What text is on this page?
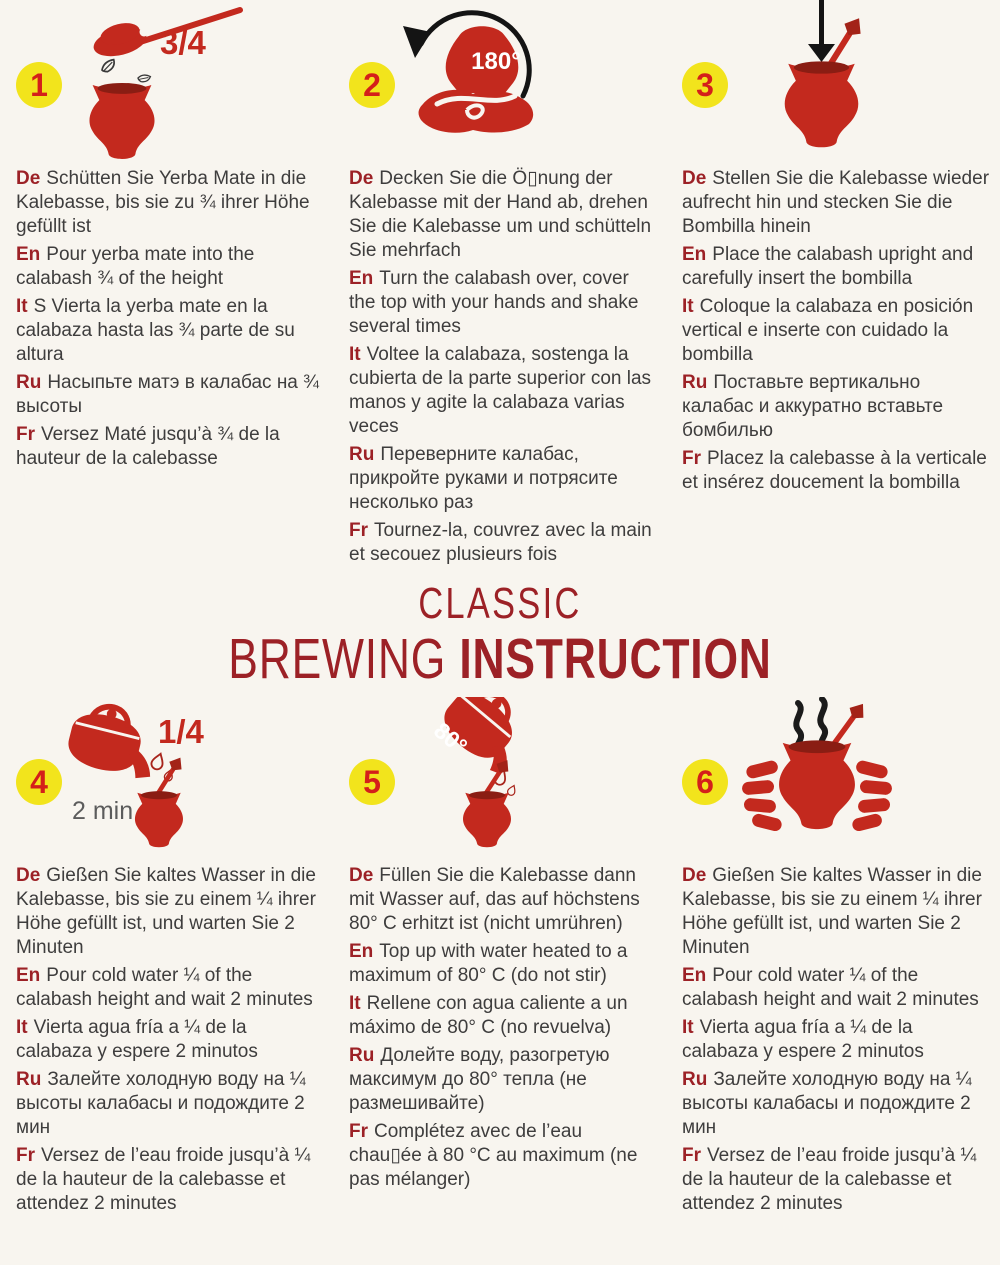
1
3/4

De Schütten Sie Yerba Mate in die Kalebasse, bis sie zu ¾ ihrer Höhe gefüllt ist

En Pour yerba mate into the calabash ¾ of the height

It S Vierta la yerba mate en la calabaza hasta las ¾ parte de su altura

Ru Насыпьте матэ в калабас на ¾ высоты

Fr Versez Maté jusqu’à ¾ de la hauteur de la calebasse

2
180°

De Decken Sie die Ö▯nung der Kalebasse mit der Hand ab, drehen Sie die Kalebasse um und schütteln Sie mehrfach

En Turn the calabash over, cover the top with your hands and shake several times

It Voltee la calabaza, sostenga la cubierta de la parte superior con las manos y agite la calabaza varias veces

Ru Переверните калабас, прикройте руками и потрясите несколько раз

Fr Tournez-la, couvrez avec la main et secouez plusieurs fois

3

De Stellen Sie die Kalebasse wieder aufrecht hin und stecken Sie die Bombilla hinein

En Place the calabash upright and carefully insert the bombilla

It Coloque la calabaza en posición vertical e inserte con cuidado la bombilla

Ru Поставьте вертикально калабас и аккуратно вставьте бомбилью

Fr Placez la calebasse à la verticale et insérez doucement la bombilla

CLASSIC
BREWING INSTRUCTION
4
1/4
2 min

De Gießen Sie kaltes Wasser in die Kalebasse, bis sie zu einem ¼ ihrer Höhe gefüllt ist, und warten Sie 2 Minuten

En Pour cold water ¼ of the calabash height and wait 2 minutes

It Vierta agua fría a ¼ de la calabaza y espere 2 minutos

Ru Залейте холодную воду на ¼ высоты калабасы и подождите 2 мин

Fr Versez de l’eau froide jusqu’à ¼ de la hauteur de la calebasse et attendez 2 minutes

5
80°

De Füllen Sie die Kalebasse dann mit Wasser auf, das auf höchstens 80° C erhitzt ist (nicht umrühren)

En Top up with water heated to a maximum of 80° C (do not stir)

It Rellene con agua caliente a un máximo de 80° C (no revuelva)

Ru Долейте воду, разогретую максимум до 80° тепла (не размешивайте)

Fr Complétez avec de l’eau chau▯ée à 80 °C au maximum (ne pas mélanger)

6

De Gießen Sie kaltes Wasser in die Kalebasse, bis sie zu einem ¼ ihrer Höhe gefüllt ist, und warten Sie 2 Minuten

En Pour cold water ¼ of the calabash height and wait 2 minutes

It Vierta agua fría a ¼ de la calabaza y espere 2 minutos

Ru Залейте холодную воду на ¼ высоты калабасы и подождите 2 мин

Fr Versez de l’eau froide jusqu’à ¼ de la hauteur de la calebasse et attendez 2 minutes
